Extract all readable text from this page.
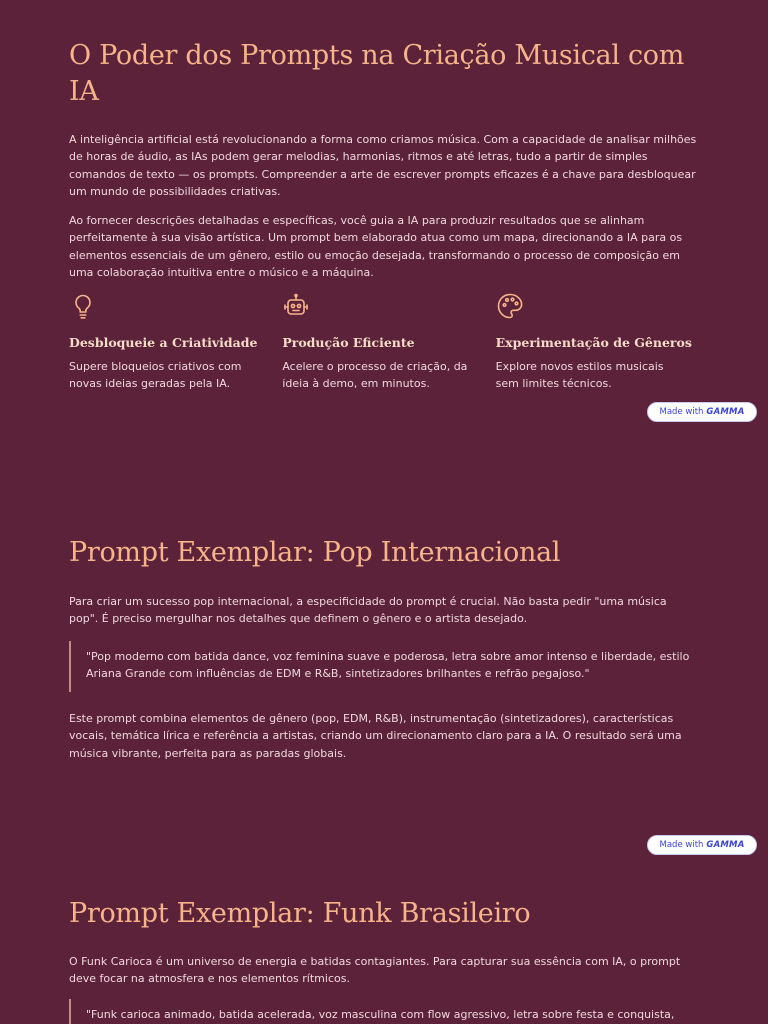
O Poder dos Prompts na Criação Musical com IA

A inteligência artificial está revolucionando a forma como criamos música. Com a capacidade de analisar milhões de horas de áudio, as IAs podem gerar melodias, harmonias, ritmos e até letras, tudo a partir de simples comandos de texto — os prompts. Compreender a arte de escrever prompts eficazes é a chave para desbloquear um mundo de possibilidades criativas.

Ao fornecer descrições detalhadas e específicas, você guia a IA para produzir resultados que se alinham perfeitamente à sua visão artística. Um prompt bem elaborado atua como um mapa, direcionando a IA para os elementos essenciais de um gênero, estilo ou emoção desejada, transformando o processo de composição em uma colaboração intuitiva entre o músico e a máquina.

Desbloqueie a Criatividade

Supere bloqueios criativos com novas ideias geradas pela IA.

Produção Eficiente

Acelere o processo de criação, da ideia à demo, em minutos.

Experimentação de Gêneros

Explore novos estilos musicais sem limites técnicos.

Made with GAMMA
Prompt Exemplar: Pop Internacional

Para criar um sucesso pop internacional, a especificidade do prompt é crucial. Não basta pedir "uma música pop". É preciso mergulhar nos detalhes que definem o gênero e o artista desejado.

"Pop moderno com batida dance, voz feminina suave e poderosa, letra sobre amor intenso e liberdade, estilo Ariana Grande com influências de EDM e R&B, sintetizadores brilhantes e refrão pegajoso."

Este prompt combina elementos de gênero (pop, EDM, R&B), instrumentação (sintetizadores), características vocais, temática lírica e referência a artistas, criando um direcionamento claro para a IA. O resultado será uma música vibrante, perfeita para as paradas globais.

Made with GAMMA
Prompt Exemplar: Funk Brasileiro

O Funk Carioca é um universo de energia e batidas contagiantes. Para capturar sua essência com IA, o prompt deve focar na atmosfera e nos elementos rítmicos.

"Funk carioca animado, batida acelerada, voz masculina com flow agressivo, letra sobre festa e conquista,
